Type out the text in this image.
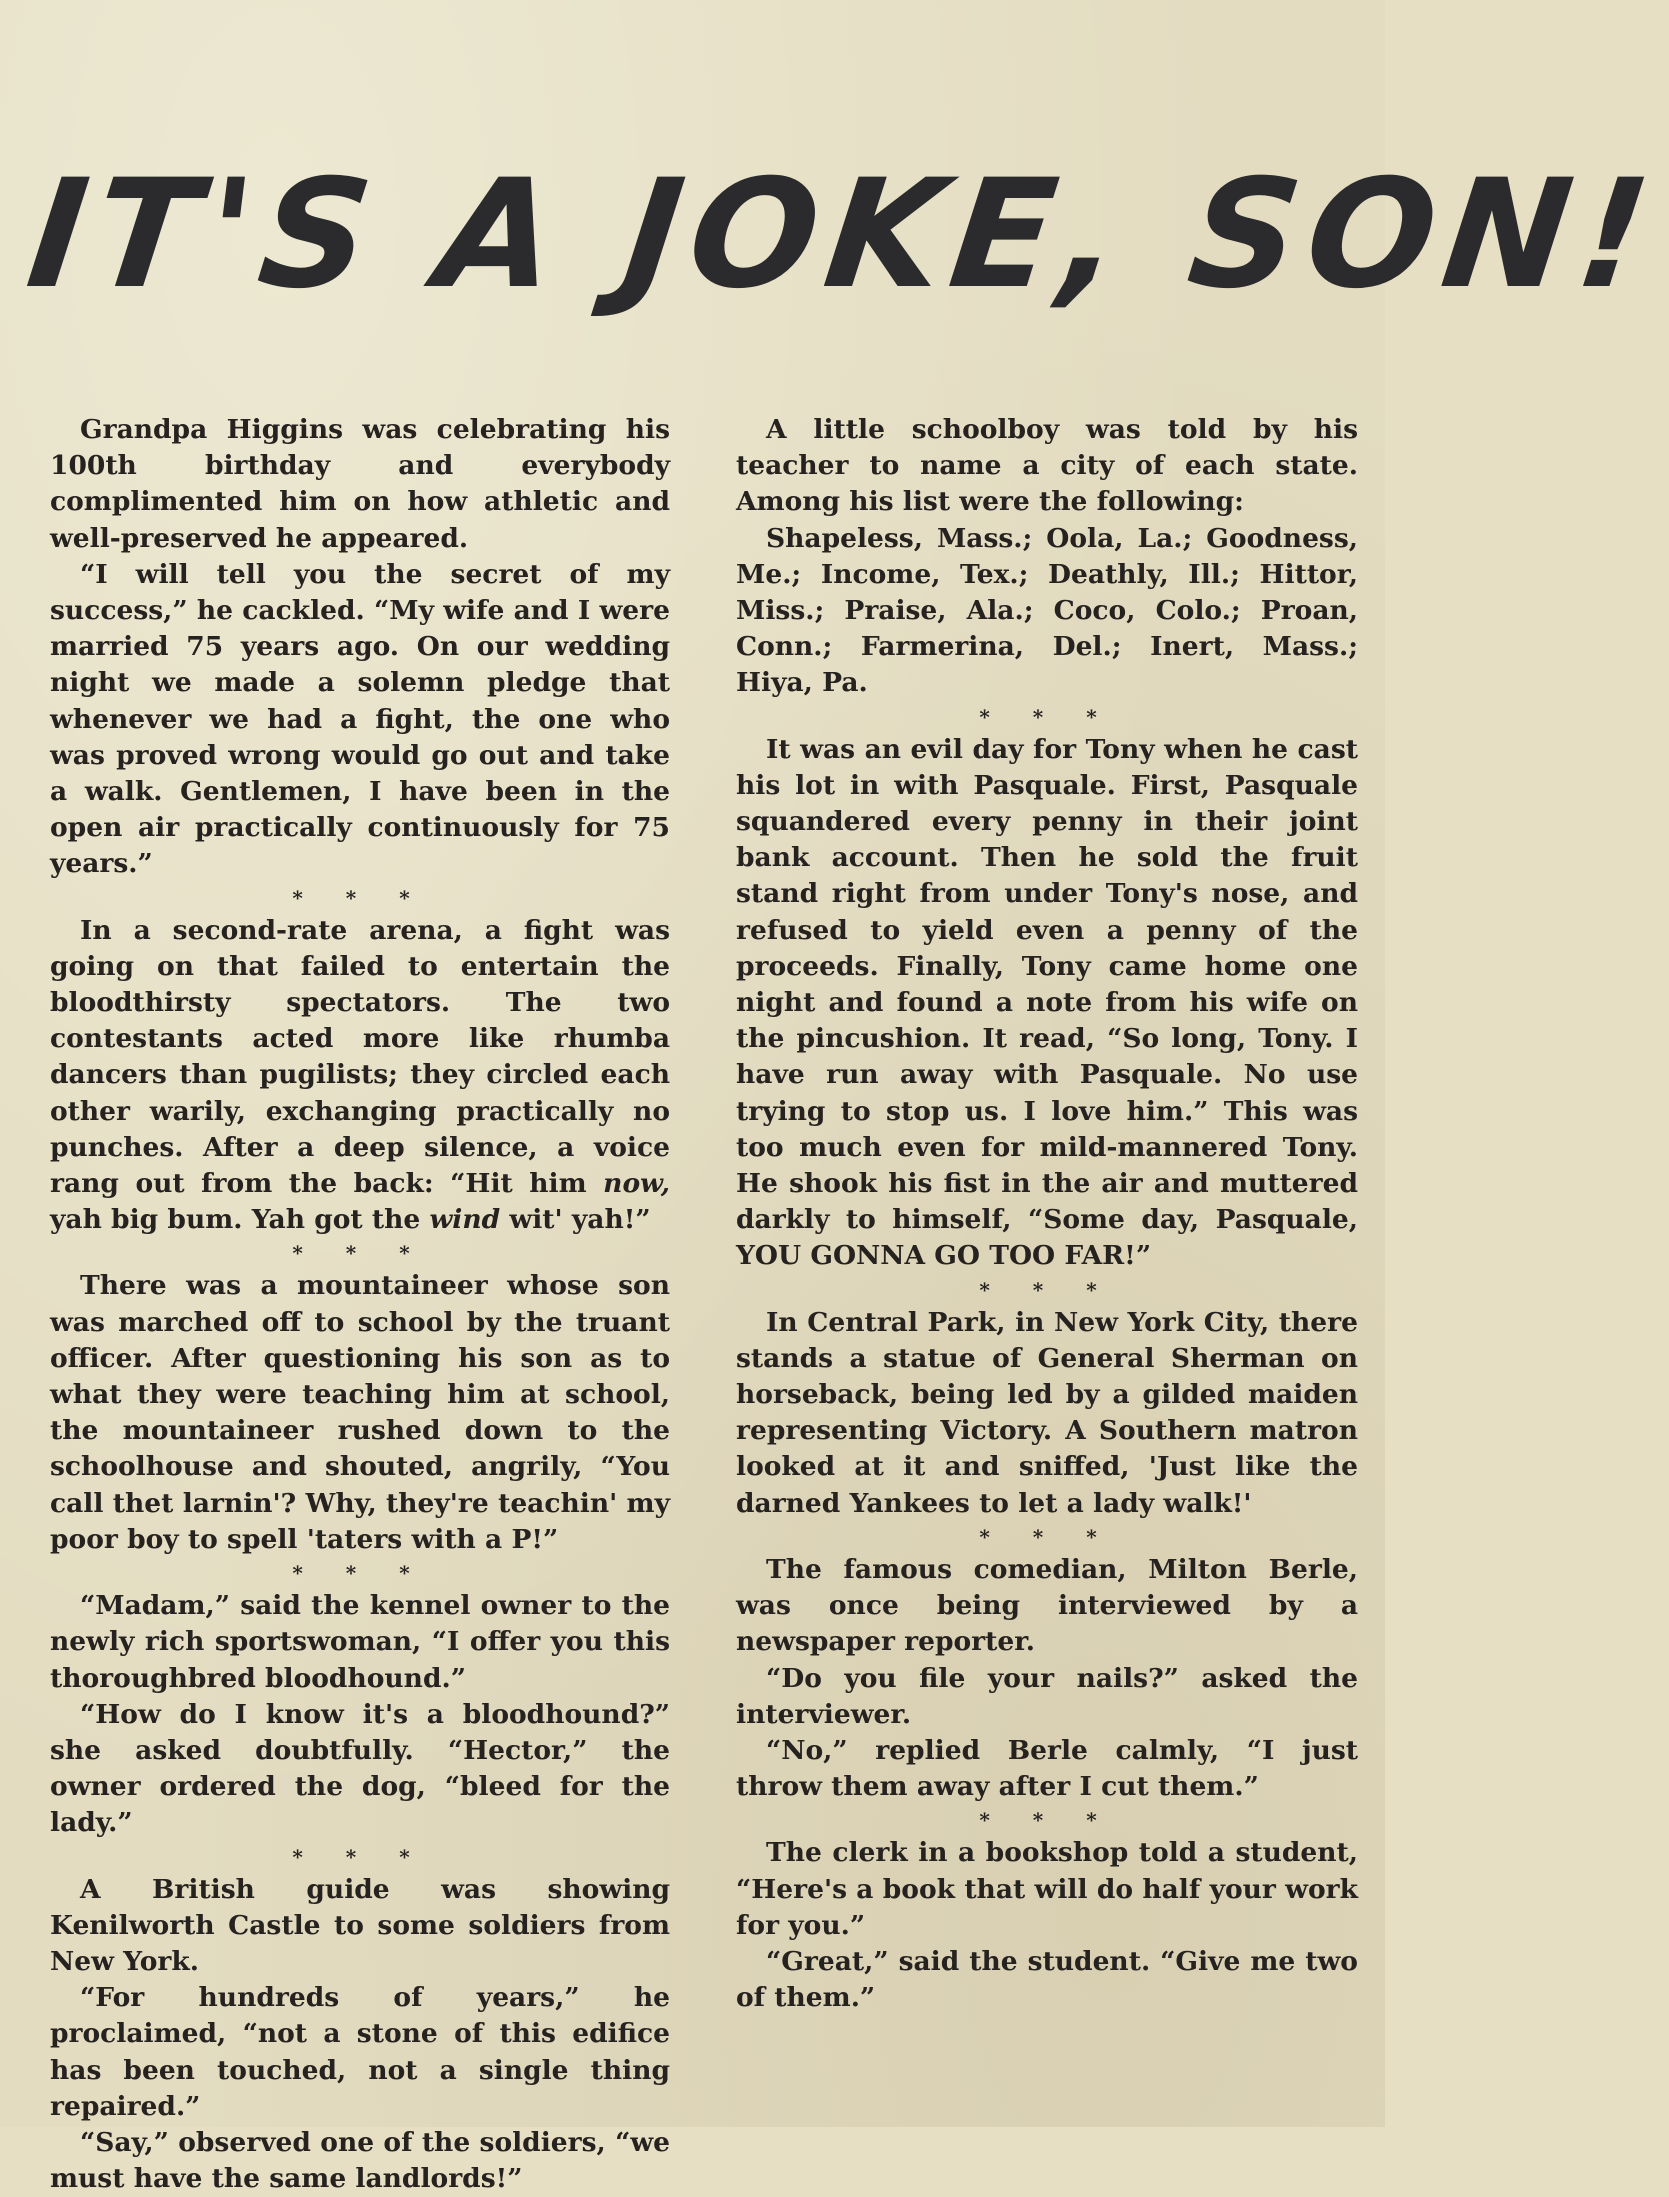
IT'S A JOKE, SON!

Grandpa Higgins was celebrating his 100th birthday and everybody complimented him on how athletic and well-preserved he appeared.

“I will tell you the secret of my success,” he cackled. “My wife and I were married 75 years ago. On our wedding night we made a solemn pledge that whenever we had a fight, the one who was proved wrong would go out and take a walk. Gentlemen, I have been in the open air practically continuously for 75 years.”

* * *

In a second-rate arena, a fight was going on that failed to entertain the bloodthirsty spectators. The two contestants acted more like rhumba dancers than pugilists; they circled each other warily, exchanging practically no punches. After a deep silence, a voice rang out from the back: “Hit him now, yah big bum. Yah got the wind wit' yah!”

* * *

There was a mountaineer whose son was marched off to school by the truant officer. After questioning his son as to what they were teaching him at school, the mountaineer rushed down to the schoolhouse and shouted, angrily, “You call thet larnin'? Why, they're teachin' my poor boy to spell 'taters with a P!”

* * *

“Madam,” said the kennel owner to the newly rich sportswoman, “I offer you this thoroughbred bloodhound.”

“How do I know it's a bloodhound?” she asked doubtfully. “Hector,” the owner ordered the dog, “bleed for the lady.”

* * *

A British guide was showing Kenilworth Castle to some soldiers from New York.

“For hundreds of years,” he proclaimed, “not a stone of this edifice has been touched, not a single thing repaired.”

“Say,” observed one of the soldiers, “we must have the same landlords!”

A little schoolboy was told by his teacher to name a city of each state. Among his list were the following:

Shapeless, Mass.; Oola, La.; Goodness, Me.; Income, Tex.; Deathly, Ill.; Hittor, Miss.; Praise, Ala.; Coco, Colo.; Proan, Conn.; Farmerina, Del.; Inert, Mass.; Hiya, Pa.

* * *

It was an evil day for Tony when he cast his lot in with Pasquale. First, Pasquale squandered every penny in their joint bank account. Then he sold the fruit stand right from under Tony's nose, and refused to yield even a penny of the proceeds. Finally, Tony came home one night and found a note from his wife on the pincushion. It read, “So long, Tony. I have run away with Pasquale. No use trying to stop us. I love him.” This was too much even for mild-mannered Tony. He shook his fist in the air and muttered darkly to himself, “Some day, Pasquale, YOU GONNA GO TOO FAR!”

* * *

In Central Park, in New York City, there stands a statue of General Sherman on horseback, being led by a gilded maiden representing Victory. A Southern matron looked at it and sniffed, 'Just like the darned Yankees to let a lady walk!'

* * *

The famous comedian, Milton Berle, was once being interviewed by a newspaper reporter.

“Do you file your nails?” asked the interviewer.

“No,” replied Berle calmly, “I just throw them away after I cut them.”

* * *

The clerk in a bookshop told a student, “Here's a book that will do half your work for you.”

“Great,” said the student. “Give me two of them.”
